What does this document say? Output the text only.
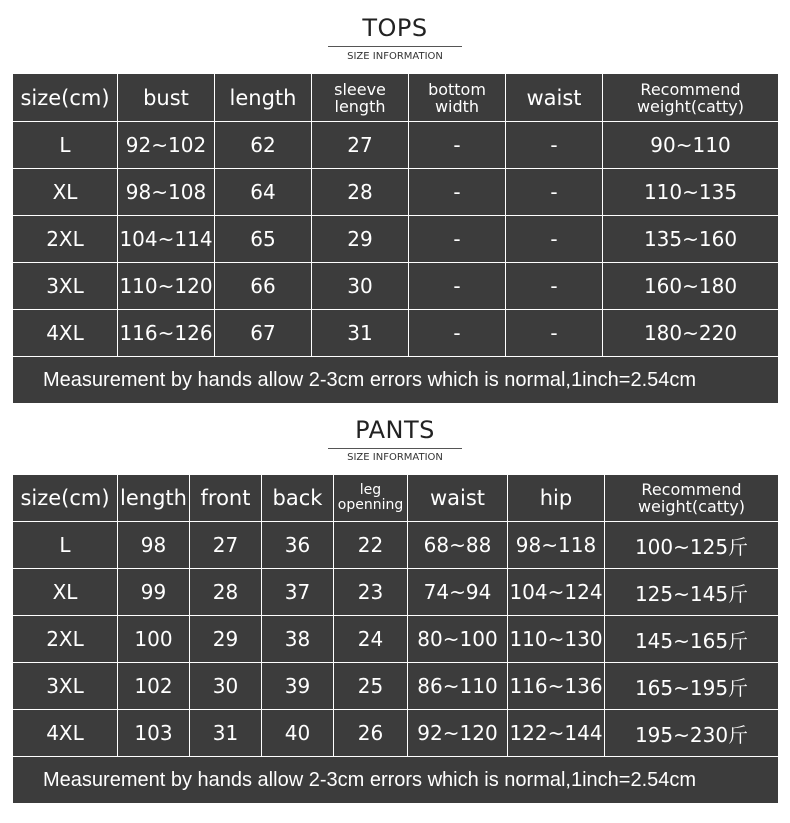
TOPS
SIZE INFORMATION
size(cm)	bust	length	sleeve length	bottom width	waist	Recommend weight(catty)
L	92~102	62	27	-	-	90~110
XL	98~108	64	28	-	-	110~135
2XL	104~114	65	29	-	-	135~160
3XL	110~120	66	30	-	-	160~180
4XL	116~126	67	31	-	-	180~220
Measurement by hands allow 2-3cm errors which is normal,1inch=2.54cm						
PANTS
SIZE INFORMATION
size(cm)	length	front	back	leg openning	waist	hip	Recommend weight(catty)
L	98	27	36	22	68~88	98~118	100~125斤
XL	99	28	37	23	74~94	104~124	125~145斤
2XL	100	29	38	24	80~100	110~130	145~165斤
3XL	102	30	39	25	86~110	116~136	165~195斤
4XL	103	31	40	26	92~120	122~144	195~230斤
Measurement by hands allow 2-3cm errors which is normal,1inch=2.54cm							
